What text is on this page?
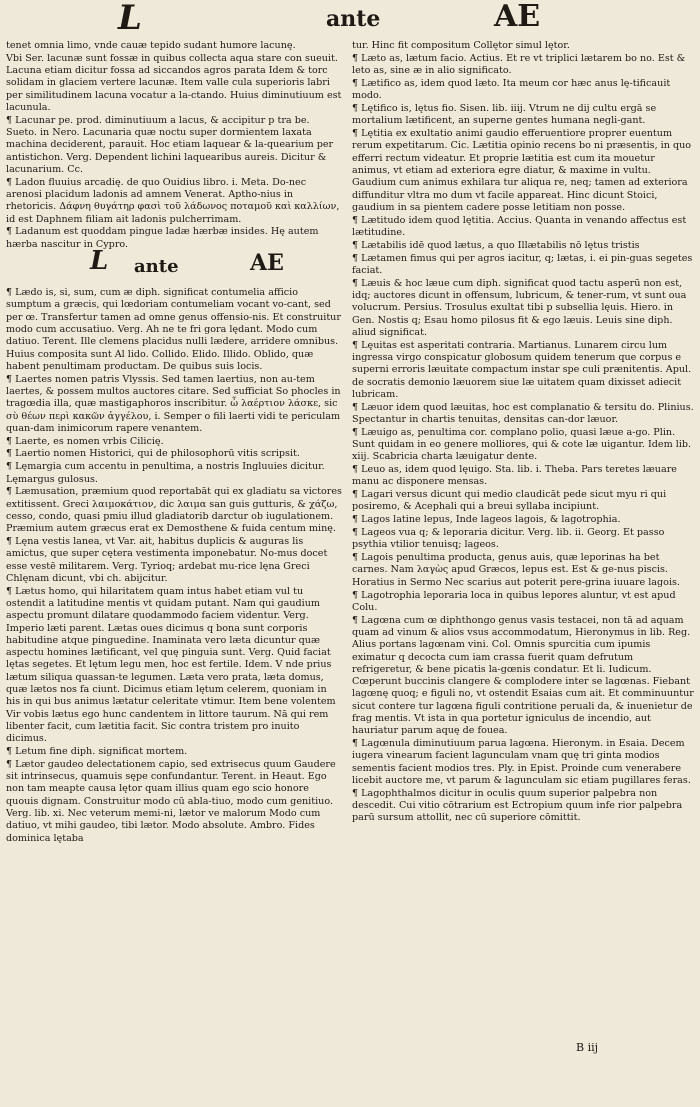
L	ante	AE

tenet omnia limo, vnde cauæ tepido sudant humore lacunę.

Vbi Ser. lacunæ sunt fossæ in quibus collecta aqua stare con sueuit. Lacuna etiam dicitur fossa ad siccandos agros parata Idem & torc solidam in glaciem vertere lacunæ. Item valle cula superioris labri per similitudinem lacuna vocatur a la-ctando. Huius diminutiuum est lacunula.

¶ Lacunar pe. prod. diminutiuum a lacus, & accipitur p tra be. Sueto. in Nero. Lacunaria quæ noctu super dormientem laxata machina deciderent, parauit. Hoc etiam laquear & la-quearium per antistichon. Verg. Dependent lichini laquearibus aureis. Dicitur & lacunarium. Cc.

¶ Ladon fluuius arcadię. de quo Ouidius libro. i. Meta. Do-nec arenosi placidum ladonis ad amnem Venerat. Aptho-nius in rhetoricis. Δάφνη θυγάτηρ φασὶ τοῦ λάδωνος ποταμοῦ καὶ καλλίων, id est Daphnem filiam ait ladonis pulcherrimam.

¶ Ladanum est quoddam pingue ladæ hærbæ insides. Hę autem hærba nascitur in Cypro.

L ante	AE

¶ Lædo is, si, sum, cum æ diph. significat contumelia afficio sumptum a græcis, qui lœdoriam contumeliam vocant vo-cant, sed per œ. Transfertur tamen ad omne genus offensio-nis. Et construitur modo cum accusatiuo. Verg. Ah ne te fri gora lędant. Modo cum datiuo. Terent. Ille clemens placidus nulli lædere, arridere omnibus. Huius composita sunt Al lido. Collido. Elido. Illido. Oblido, quæ habent penultimam productam. De quibus suis locis.

¶ Laertes nomen patris Vlyssis. Sed tamen laertius, non au-tem laertes, & possem multos auctores citare. Sed sufficiat So phocles in tragœdia illa, quæ mastigaphoros inscribitur. ὦ λαέρτιον λάσκε, sic σὺ θέων περὶ κακῶν ἀγγέλου, i. Semper o fili laerti vidi te periculam quan-dam inimicorum rapere venantem.

¶ Laerte, es nomen vrbis Cilicię.

¶ Laertio nomen Historici, qui de philosophorū vitis scripsit.

¶ Lęmargia cum accentu in penultima, a nostris Ingluuies dicitur. Lęmargus gulosus.

¶ Læmusation, præmium quod reportabāt qui ex gladiatu sa victores extitissent. Greci λαιμοκάτιον, dic λαιμα san guis gutturis, & χάζω, cesso, condo, quasi pmiu illud gladiatorib darctur ob iugulationem. Præmium autem græcus erat ex Demosthene & fuida centum minę.

¶ Lęna vestis lanea, vt Var. ait, habitus duplicis & auguras lis amictus, que super cętera vestimenta imponebatur. No-mus docet esse vestē militarem. Verg. Tyrioq; ardebat mu-rice lęna Greci Chlęnam dicunt, vbi ch. abijcitur.

¶ Lætus homo, qui hilaritatem quam intus habet etiam vul tu ostendit a latitudine mentis vt quidam putant. Nam qui gaudium aspectu promunt dilatare quodammodo faciem videntur. Verg. Imperio læti parent. Lætas oues dicimus q bona sunt corporis habitudine atque pinguedine. Inaminata vero læta dicuntur quæ aspectu homines lætificant, vel quę pinguia sunt. Verg. Quid faciat lętas segetes. Et lętum legu men, hoc est fertile. Idem. V nde prius lætum siliqua quassan-te legumen. Læta vero prata, læta domus, quæ lætos nos fa ciunt. Dicimus etiam lętum celerem, quoniam in his in qui bus animus lætatur celeritate vtimur. Item bene volentem Vir vobis lætus ego hunc candentem in littore taurum. Nā qui rem libenter facit, cum lætitia facit. Sic contra tristem pro inuito dicimus.

¶ Letum fine diph. significat mortem.

¶ Lætor gaudeo delectationem capio, sed extrisecus quum Gaudere sit intrinsecus, quamuis sępe confundantur. Terent. in Heaut. Ego non tam meapte causa lętor quam illius quam ego scio honore quouis dignam. Construitur modo cū abla-tiuo, modo cum genitiuo. Verg. lib. xi. Nec veterum memi-ni, lætor ve malorum Modo cum datiuo, vt mihi gaudeo, tibi lætor. Modo absolute. Ambro. Fides dominica lętaba

tur. Hinc fit compositum Collętor simul lętor.

¶ Læto as, lætum facio. Actius. Et re vt triplici lætarem bo no. Est & leto as, sine æ in alio significato.

¶ Lætifico as, idem quod læto. Ita meum cor hæc anus lę-tificauit modo.

¶ Lętifico is, lętus fio. Sisen. lib. iiij. Vtrum ne dij cultu ergā se mortalium lætificent, an superne gentes humana negli-gant.

¶ Lętitia ex exultatio animi gaudio efferuentiore proprer euentum rerum expetitarum. Cic. Lætitia opinio recens bo ni præsentis, in quo efferri rectum videatur. Et proprie lætitia est cum ita mouetur animus, vt etiam ad exteriora egre diatur, & maxime in vultu. Gaudium cum animus exhilara tur aliqua re, neq; tamen ad exteriora diffunditur vltra mo dum vt facile appareat. Hinc dicunt Stoici, gaudium in sa pientem cadere posse letitiam non posse.

¶ Lætitudo idem quod lętitia. Accius. Quanta in venando affectus est lætitudine.

¶ Lætabilis idē quod lætus, a quo Illætabilis nō lętus tristis

¶ Lætamen fimus qui per agros iacitur, q; lætas, i. ei pin-guas segetes faciat.

¶ Læuis & hoc læue cum diph. significat quod tactu asperū non est, idq; auctores dicunt in offensum, lubricum, & tener-rum, vt sunt oua volucrum. Persius. Trosulus exultat tibi p subsellia lęuis. Hiero. in Gen. Nostis q; Esau homo pilosus fit & ego læuis. Leuis sine diph. aliud significat.

¶ Lęuitas est asperitati contraria. Martianus. Lunarem circu lum ingressa virgo conspicatur globosum quidem tenerum que corpus e superni erroris læuitate compactum instar spe culi prænitentis. Apul. de socratis demonio læuorem siue læ uitatem quam dixisset adiecit lubricam.

¶ Læuor idem quod læuitas, hoc est complanatio & tersitu do. Plinius. Spectantur in chartis tenuitas, densitas can-dor læuor.

¶ Læuigo as, penultima cor. complano polio, quasi læue a-go. Plin. Sunt quidam in eo genere molliores, qui & cote læ uigantur. Idem lib. xiij. Scabricia charta læuigatur dente.

¶ Leuo as, idem quod lęuigo. Sta. lib. i. Theba. Pars teretes læuare manu ac disponere mensas.

¶ Lagari versus dicunt qui medio claudicāt pede sicut myu ri qui posiremo, & Acephali qui a breui syllaba incipiunt.

¶ Lagos latine lepus, Inde lageos lagois, & lagotrophia.

¶ Lageos vua q; & leporaria dicitur. Verg. lib. ii. Georg. Et passo psythia vtilior tenuisq; lageos.

¶ Lagois penultima producta, genus auis, quæ leporinas ha bet carnes. Nam λαγὼς apud Græcos, lepus est. Est & ge-nus piscis. Horatius in Sermo Nec scarius aut poterit pere-grina iuuare lagois.

¶ Lagotrophia leporaria loca in quibus lepores aluntur, vt est apud Colu.

¶ Lagœna cum œ diphthongo genus vasis testacei, non tā ad aquam quam ad vinum & alios vsus accommodatum, Hieronymus in lib. Reg. Alius portans lagœnam vini. Col. Omnis spurcitia cum ipumis eximatur q decocta cum iam crassa fuerit quam defrutum refrigeretur, & bene picatis la-gœnis condatur. Et li. Iudicum. Cœperunt buccinis clangere & complodere inter se lagœnas. Fiebant lagœnę quoq; e figuli no, vt ostendit Esaias cum ait. Et comminuuntur sicut contere tur lagœna figuli contritione peruali da, & inuenietur de frag mentis. Vt ista in qua portetur igniculus de incendio, aut hauriatur parum aquę de fouea.

¶ Lagœnula diminutiuum parua lagœna. Hieronym. in Esaia. Decem iugera vinearum facient lagunculam vnam quę tri ginta modios sementis facient modios tres. Ply. in Epist. Proinde cum venerabere licebit auctore me, vt parum & lagunculam sic etiam pugillares feras.

¶ Lagophthalmos dicitur in oculis quum superior palpebra non descedit. Cui vitio cōtrarium est Ectropium quum infe rior palpebra parū sursum attollit, nec cū superiore cōmittit.

B iij
